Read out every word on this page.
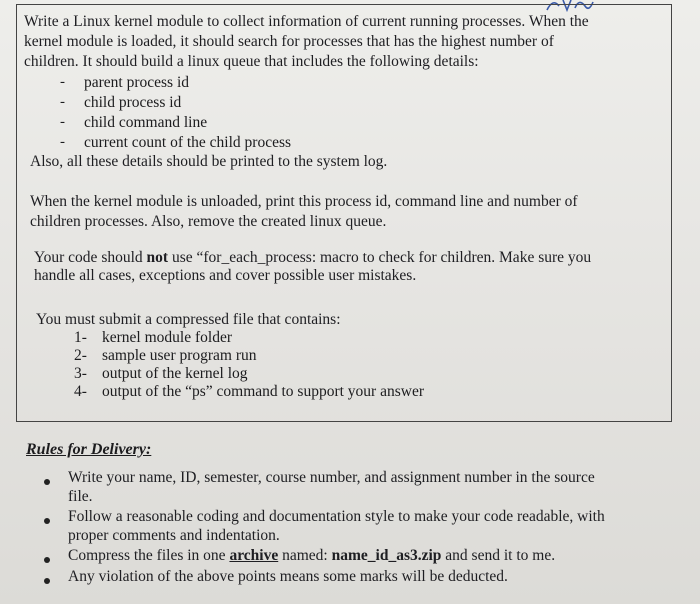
Write a Linux kernel module to collect information of current running processes. When the

kernel module is loaded, it should search for processes that has the highest number of

children. It should build a linux queue that includes the following details:

- parent process id
- child process id
- child command line
- current count of the child process

Also, all these details should be printed to the system log.

When the kernel module is unloaded, print this process id, command line and number of

children processes. Also, remove the created linux queue.

Your code should not use “for_each_process: macro to check for children. Make sure you

handle all cases, exceptions and cover possible user mistakes.

You must submit a compressed file that contains:

1- kernel module folder
2- sample user program run
3- output of the kernel log
4- output of the “ps” command to support your answer
Rules for Delivery:

Write your name, ID, semester, course number, and assignment number in the source

file.

Follow a reasonable coding and documentation style to make your code readable, with

proper comments and indentation.

Compress the files in one archive named: name_id_as3.zip and send it to me.

Any violation of the above points means some marks will be deducted.
